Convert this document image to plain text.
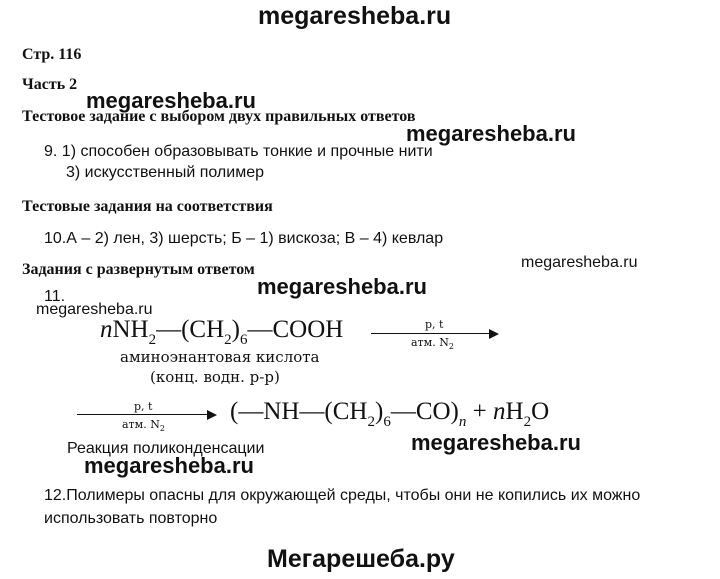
megaresheba.ru
megaresheba.ru
megaresheba.ru
megaresheba.ru
megaresheba.ru
megaresheba.ru
megaresheba.ru
megaresheba.ru
Мегарешеба.ру
Стр. 116
Часть 2
Тестовое задание с выбором двух правильных ответов
9. 1) способен образовывать тонкие и прочные нити
3) искусственный полимер
Тестовые задания на соответствия
10.А – 2) лен, 3) шерсть; Б – 1) вискоза; В – 4) кевлар
Задания с развернутым ответом
11.
$nNH_2—(CH_2)_6—COOH$	p, t
атм. $N_2$
аминоэнантовая кислота
(конц. водн. р-р)
p, t
атм. $N_2$
$(—NH—(CH_2)_6—CO)_n + nH_2O$
Реакция поликонденсации
12.Полимеры опасны для окружающей среды, чтобы они не копились их можно
использовать повторно
